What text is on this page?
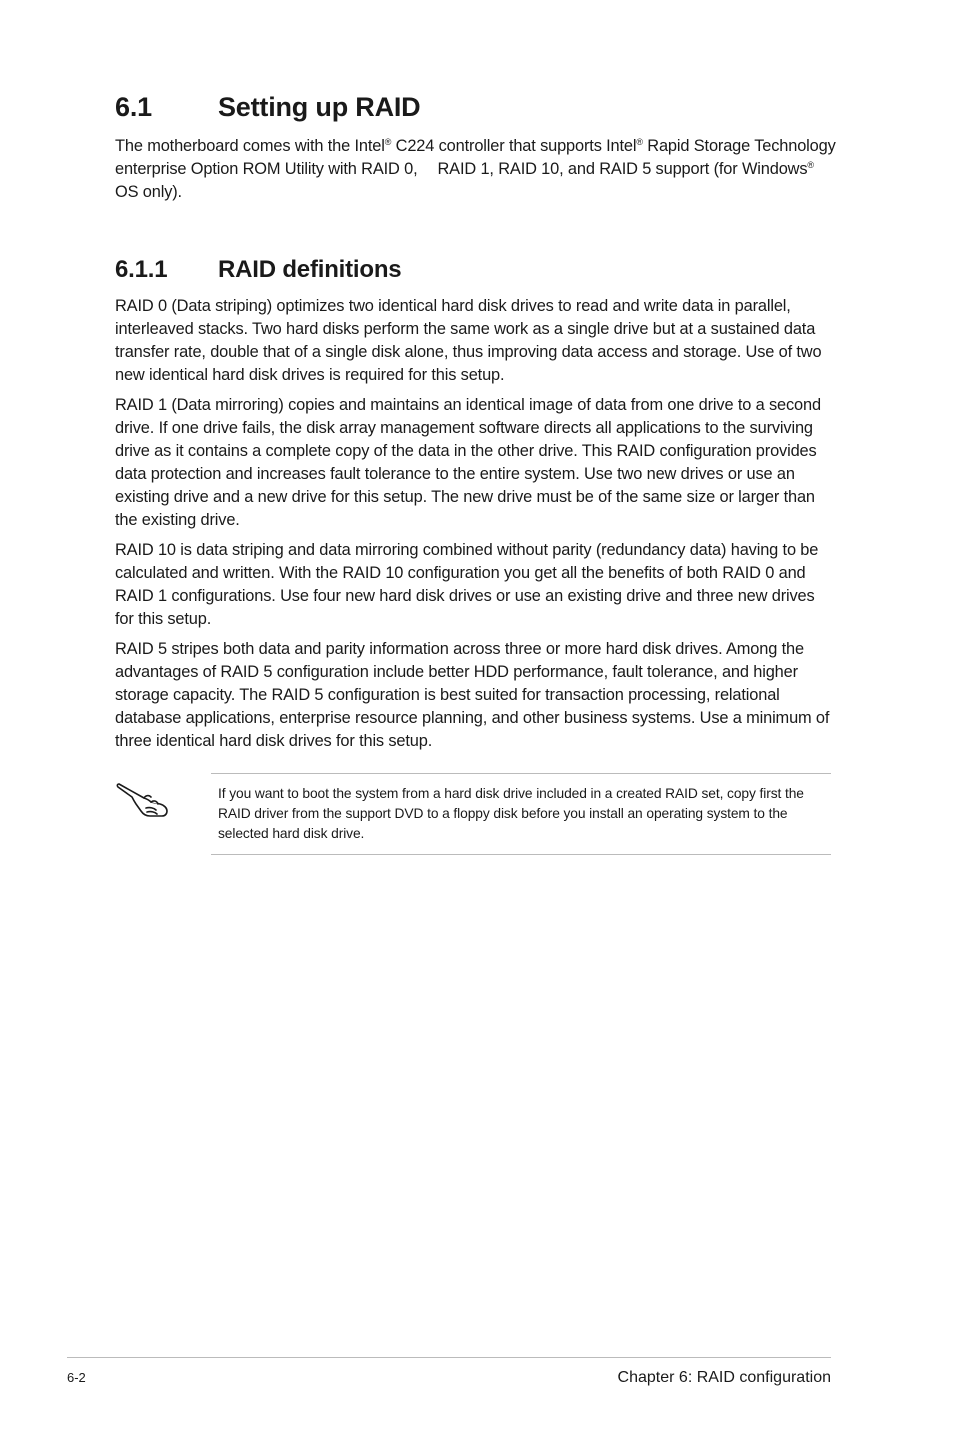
6.1 Setting up RAID

The motherboard comes with the Intel® C224 controller that supports Intel® Rapid Storage Technology enterprise Option ROM Utility with RAID 0, RAID 1, RAID 10, and RAID 5 support (for Windows® OS only).

6.1.1 RAID definitions

RAID 0 (Data striping) optimizes two identical hard disk drives to read and write data in parallel, interleaved stacks. Two hard disks perform the same work as a single drive but at a sustained data transfer rate, double that of a single disk alone, thus improving data access and storage. Use of two new identical hard disk drives is required for this setup.

RAID 1 (Data mirroring) copies and maintains an identical image of data from one drive to a second drive. If one drive fails, the disk array management software directs all applications to the surviving drive as it contains a complete copy of the data in the other drive. This RAID configuration provides data protection and increases fault tolerance to the entire system. Use two new drives or use an existing drive and a new drive for this setup. The new drive must be of the same size or larger than the existing drive.

RAID 10 is data striping and data mirroring combined without parity (redundancy data) having to be calculated and written. With the RAID 10 configuration you get all the benefits of both RAID 0 and RAID 1 configurations. Use four new hard disk drives or use an existing drive and three new drives for this setup.

RAID 5 stripes both data and parity information across three or more hard disk drives. Among the advantages of RAID 5 configuration include better HDD performance, fault tolerance, and higher storage capacity. The RAID 5 configuration is best suited for transaction processing, relational database applications, enterprise resource planning, and other business systems. Use a minimum of three identical hard disk drives for this setup.

If you want to boot the system from a hard disk drive included in a created RAID set, copy first the RAID driver from the support DVD to a floppy disk before you install an operating system to the selected hard disk drive.

6-2	Chapter 6: RAID configuration
